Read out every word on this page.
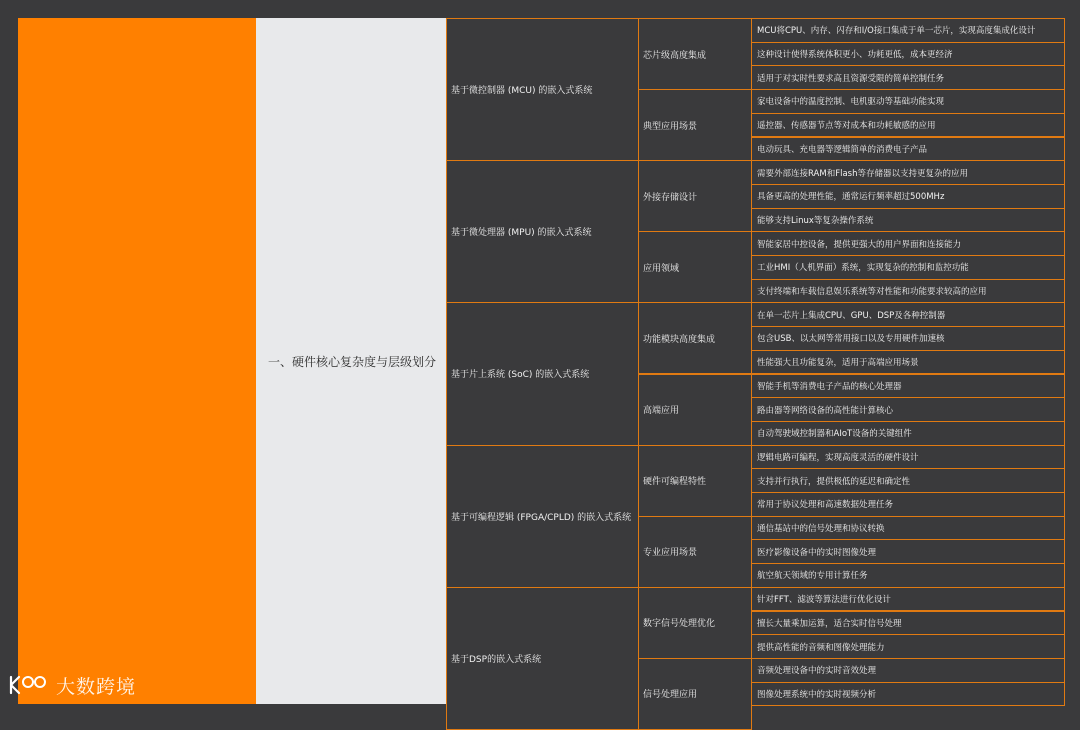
一、硬件核心复杂度与层级划分
MCU将CPU、内存、闪存和I/O接口集成于单一芯片，实现高度集成化设计
这种设计使得系统体积更小、功耗更低，成本更经济
适用于对实时性要求高且资源受限的简单控制任务
芯片级高度集成
家电设备中的温度控制、电机驱动等基础功能实现
遥控器、传感器节点等对成本和功耗敏感的应用
电动玩具、充电器等逻辑简单的消费电子产品
典型应用场景
基于微控制器 (MCU) 的嵌入式系统
需要外部连接RAM和Flash等存储器以支持更复杂的应用
具备更高的处理性能，通常运行频率超过500MHz
能够支持Linux等复杂操作系统
外接存储设计
智能家居中控设备，提供更强大的用户界面和连接能力
工业HMI（人机界面）系统，实现复杂的控制和监控功能
支付终端和车载信息娱乐系统等对性能和功能要求较高的应用
应用领域
基于微处理器 (MPU) 的嵌入式系统
在单一芯片上集成CPU、GPU、DSP及各种控制器
包含USB、以太网等常用接口以及专用硬件加速核
性能强大且功能复杂，适用于高端应用场景
功能模块高度集成
智能手机等消费电子产品的核心处理器
路由器等网络设备的高性能计算核心
自动驾驶域控制器和AIoT设备的关键组件
高端应用
基于片上系统 (SoC) 的嵌入式系统
逻辑电路可编程，实现高度灵活的硬件设计
支持并行执行，提供极低的延迟和确定性
常用于协议处理和高速数据处理任务
硬件可编程特性
通信基站中的信号处理和协议转换
医疗影像设备中的实时图像处理
航空航天领域的专用计算任务
专业应用场景
基于可编程逻辑 (FPGA/CPLD) 的嵌入式系统
针对FFT、滤波等算法进行优化设计
擅长大量乘加运算，适合实时信号处理
提供高性能的音频和图像处理能力
数字信号处理优化
音频处理设备中的实时音效处理
图像处理系统中的实时视频分析
信号处理应用
基于DSP的嵌入式系统
大数跨境
